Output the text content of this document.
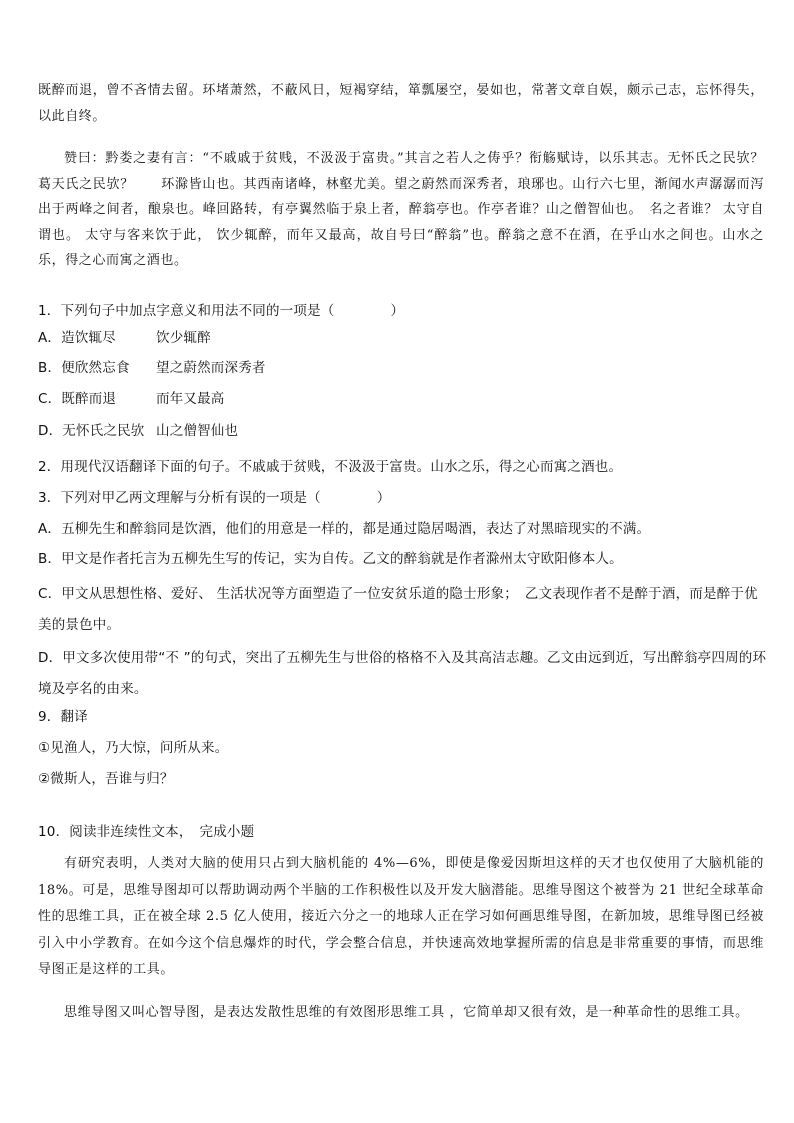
既醉而退，曾不吝情去留。环堵萧然，不蔽风日，短褐穿结，箪瓢屡空，晏如也，常著文章自娱，颇示己志，忘怀得失，以此自终。
赞曰：黔娄之妻有言：“不戚戚于贫贱，不汲汲于富贵。”其言之若人之俦乎？衔觞赋诗，以乐其志。无怀氏之民欤？葛天氏之民欤？　　环滁皆山也。其西南诸峰，林壑尤美。望之蔚然而深秀者，琅琊也。山行六七里，渐闻水声潺潺而泻出于两峰之间者，酿泉也。峰回路转，有亭翼然临于泉上者，醉翁亭也。作亭者谁？山之僧智仙也。　名之者谁？ 太守自谓也。 太守与客来饮于此， 饮少辄醉，而年又最高，故自号曰“醉翁”也。醉翁之意不在酒，在乎山水之间也。山水之乐，得之心而寓之酒也。
1．下列句子中加点字意义和用法不同的一项是（	）
A．造饮辄尽	饮少辄醉
B．便欣然忘食 望之蔚然而深秀者
C．既醉而退	而年又最高
D．无怀氏之民欤 山之僧智仙也
2．用现代汉语翻译下面的句子。不戚戚于贫贱，不汲汲于富贵。山水之乐，得之心而寓之酒也。
3．下列对甲乙两文理解与分析有误的一项是（	）
A．五柳先生和醉翁同是饮酒，他们的用意是一样的，都是通过隐居喝酒，表达了对黑暗现实的不满。
B．甲文是作者托言为五柳先生写的传记，实为自传。乙文的醉翁就是作者滁州太守欧阳修本人。
C．甲文从思想性格、爱好、 生活状况等方面塑造了一位安贫乐道的隐士形象；　乙文表现作者不是醉于酒，而是醉于优美的景色中。
D．甲文多次使用带“不 ”的句式，突出了五柳先生与世俗的格格不入及其高洁志趣。乙文由远到近，写出醉翁亭四周的环境及亭名的由来。
9．翻译
①见渔人，乃大惊，问所从来。
②微斯人，吾谁与归？
10．阅读非连续性文本，　完成小题
有研究表明，人类对大脑的使用只占到大脑机能的 4%—6%，即使是像爱因斯坦这样的天才也仅使用了大脑机能的 18%。可是，思维导图却可以帮助调动两个半脑的工作积极性以及开发大脑潜能。思维导图这个被誉为 21 世纪全球革命性的思维工具，正在被全球 2.5 亿人使用，接近六分之一的地球人正在学习如何画思维导图，在新加坡，思维导图已经被引入中小学教育。在如今这个信息爆炸的时代，学会整合信息，并快速高效地掌握所需的信息是非常重要的事情，而思维导图正是这样的工具。
思维导图又叫心智导图，是表达发散性思维的有效图形思维工具 ，它简单却又很有效，是一种革命性的思维工具。
